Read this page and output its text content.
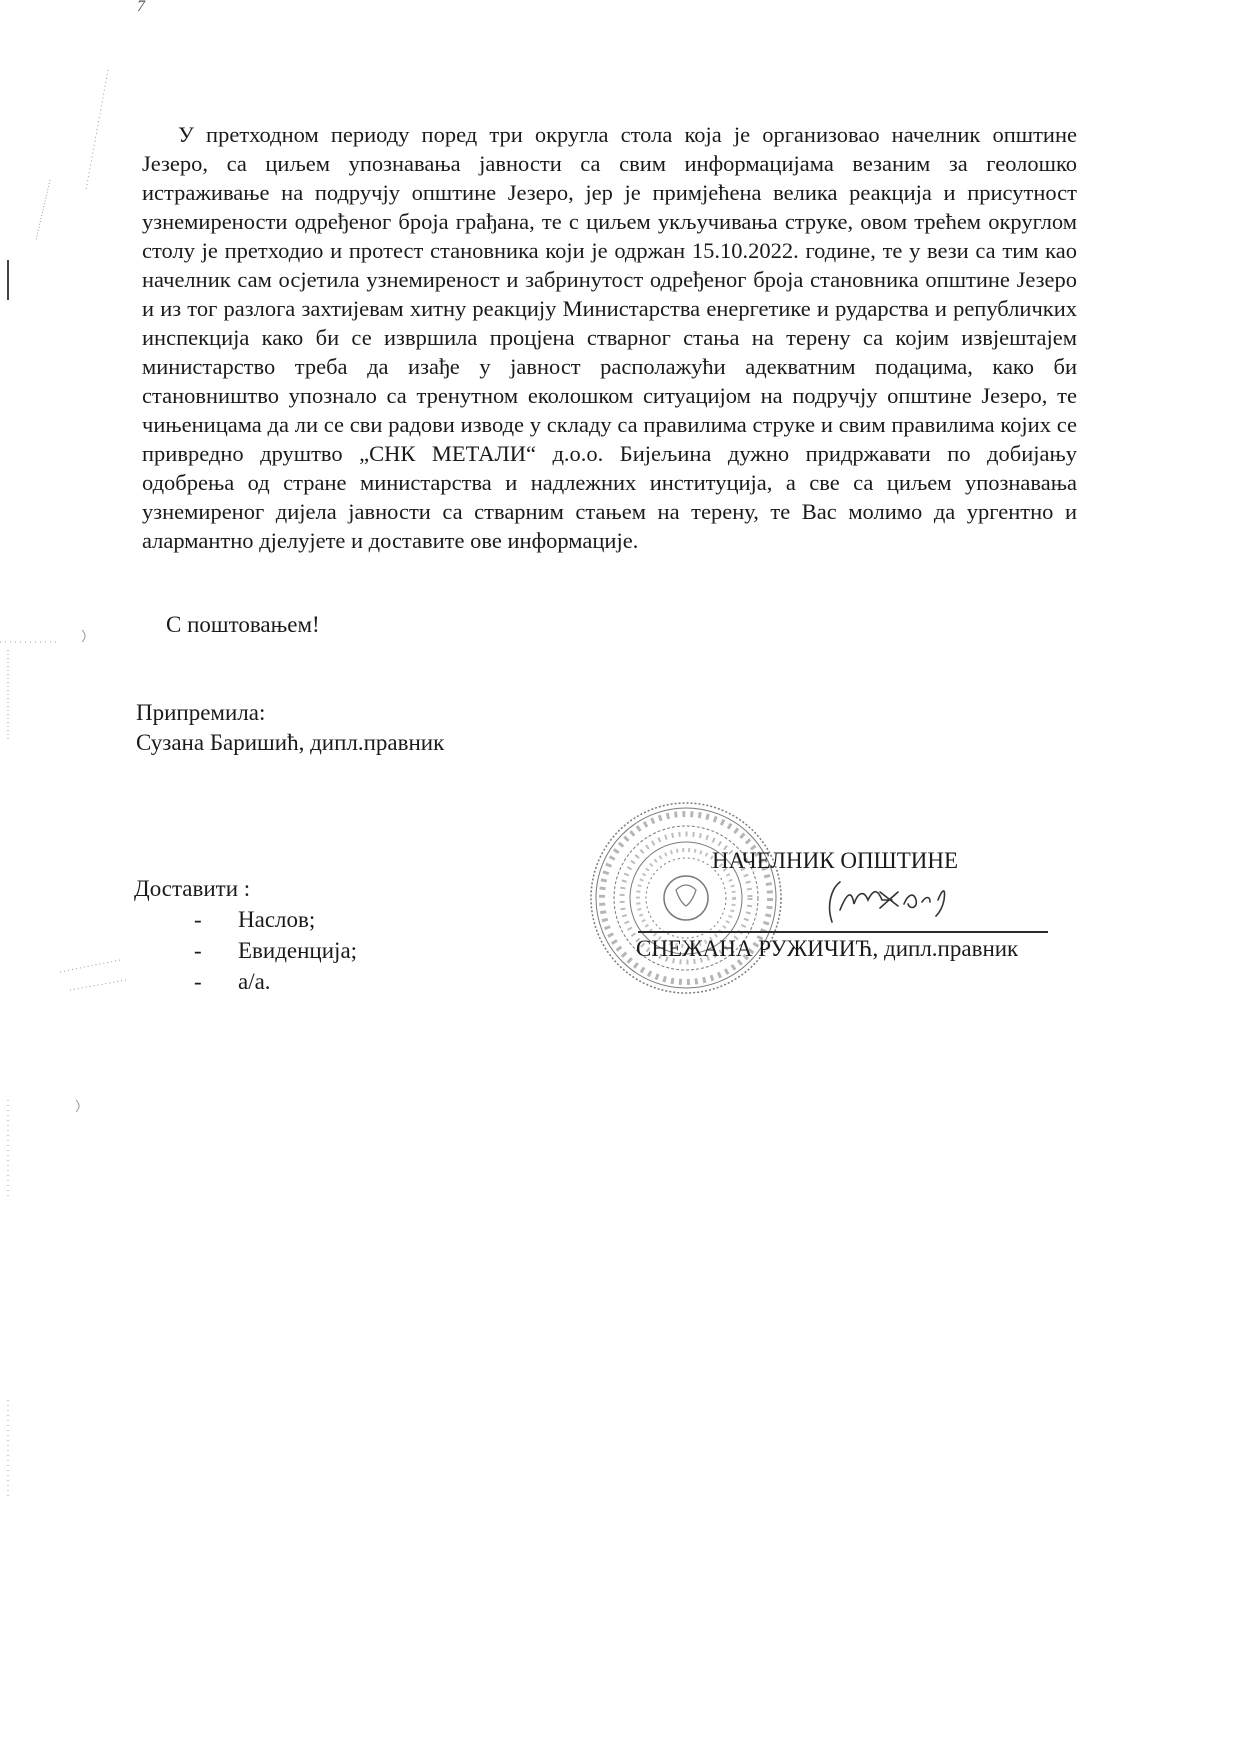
7

У претходном периоду поред три округла стола која је организовао начелник општине Језеро, са циљем упознавања јавности са свим информацијама везаним за геолошко истраживање на подручју општине Језеро, јер је примјећена велика реакција и присутност узнемирености одређеног броја грађана, те с циљем укључивања струке, овом трећем округлом столу је претходио и протест становника који је одржан 15.10.2022. године, те у вези са тим као начелник сам осјетила узнемиреност и забринутост одређеног броја становника општине Језеро и из тог разлога захтијевам хитну реакцију Министарства енергетике и рударства и републичких инспекција како би се извршила процјена стварног стања на терену са којим извјештајем министарство треба да изађе у јавност располажући адекватним подацима, како би становништво упознало са тренутном еколошком ситуацијом на подручју општине Језеро, те чињеницама да ли се сви радови изводе у складу са правилима струке и свим правилима којих се привредно друштво „СНК МЕТАЛИ“ д.о.о. Бијељина дужно придржавати по добијању одобрења од стране министарства и надлежних институција, а све са циљем упознавања узнемиреног дијела јавности са стварним стањем на терену, те Вас молимо да ургентно и алармантно дјелујете и доставите ове информације.

С поштовањем!
Припремила:
Сузана Баришић, дипл.правник
Доставити :
-	Наслов;
-	Евиденција;
-	а/а.
НАЧЕЛНИК ОПШТИНЕ
СНЕЖАНА РУЖИЧИЋ, дипл.правник
